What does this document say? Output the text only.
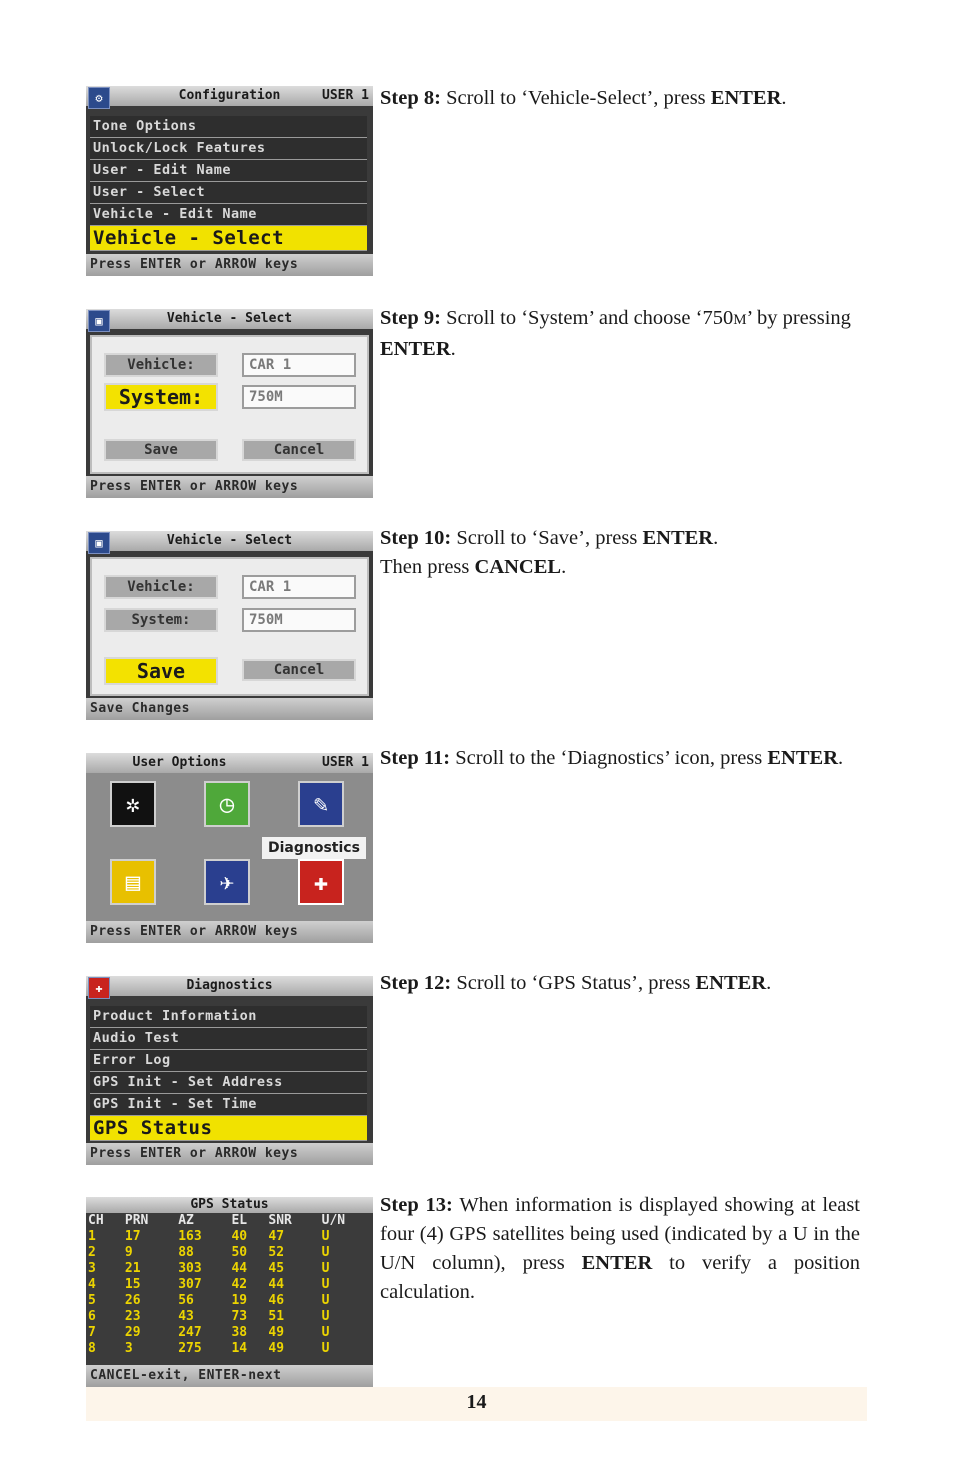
⚙	Configuration	USER 1
Tone Options
Unlock/Lock Features
User - Edit Name
User - Select
Vehicle - Edit Name
Vehicle - Select
Press ENTER or ARROW keys
▣	Vehicle - Select
Vehicle:	CAR 1
System:	750M
Save	Cancel
Press ENTER or ARROW keys
▣	Vehicle - Select
Vehicle:	CAR 1
System:	750M
Save	Cancel
Save Changes
User Options	USER 1
✲	◷	✎
Diagnostics
▤	✈	✚
Press ENTER or ARROW keys
✚	Diagnostics
Product Information
Audio Test
Error Log
GPS Init - Set Address
GPS Init - Set Time
GPS Status
Press ENTER or ARROW keys
GPS Status
CH	PRN	AZ	EL	SNR	U/N
1	17	163	40	47	U
2	9	88	50	52	U
3	21	303	44	45	U
4	15	307	42	44	U
5	26	56	19	46	U
6	23	43	73	51	U
7	29	247	38	49	U
8	3	275	14	49	U
CANCEL-exit, ENTER-next
Step 8: Scroll to ‘Vehicle-Select’, press ENTER.
Step 9: Scroll to ‘System’ and choose ‘750M’ by pressing ENTER.
Step 10: Scroll to ‘Save’, press ENTER.
Then press CANCEL.
Step 11: Scroll to the ‘Diagnostics’ icon, press ENTER.
Step 12: Scroll to ‘GPS Status’, press ENTER.
Step 13: When information is displayed showing at least four (4) GPS satellites being used (indicated by a U in the U/N column), press ENTER to verify a position calculation.
14
